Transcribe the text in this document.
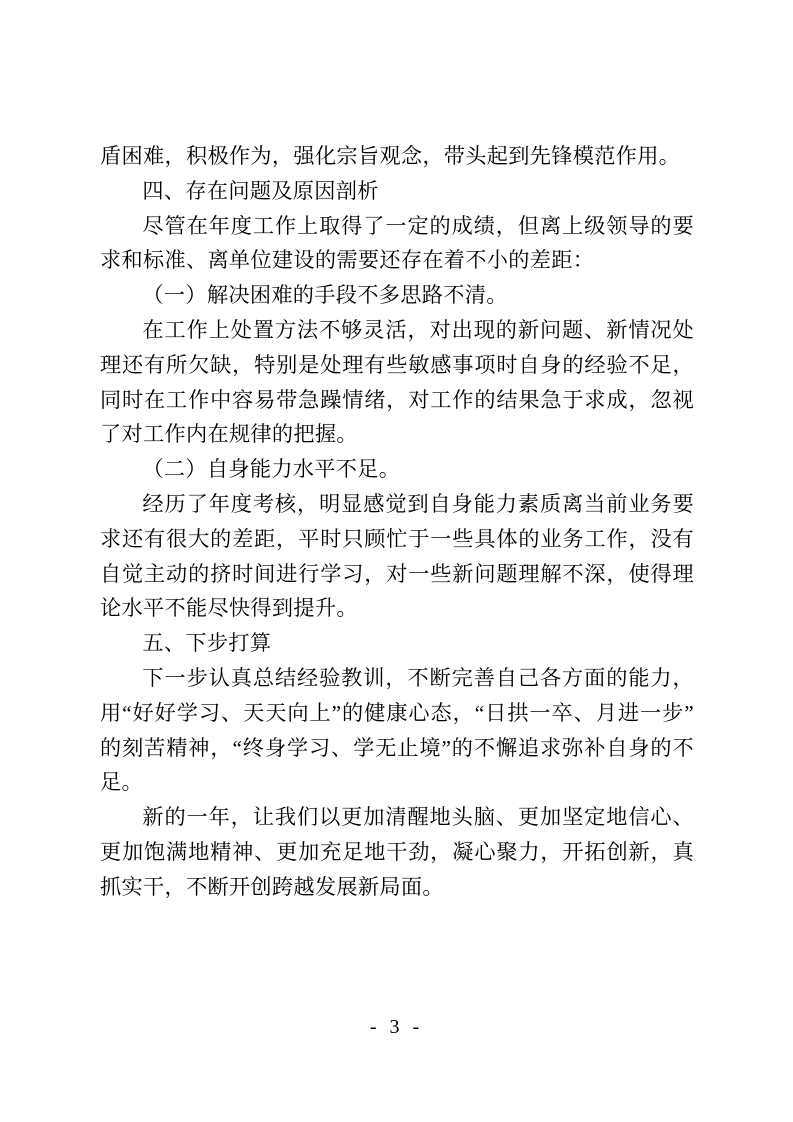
盾困难，积极作为，强化宗旨观念，带头起到先锋模范作用。

四、存在问题及原因剖析

尽管在年度工作上取得了一定的成绩，但离上级领导的要求和标准、离单位建设的需要还存在着不小的差距：

（一）解决困难的手段不多思路不清。

在工作上处置方法不够灵活，对出现的新问题、新情况处理还有所欠缺，特别是处理有些敏感事项时自身的经验不足，同时在工作中容易带急躁情绪，对工作的结果急于求成，忽视了对工作内在规律的把握。

（二）自身能力水平不足。

经历了年度考核，明显感觉到自身能力素质离当前业务要求还有很大的差距，平时只顾忙于一些具体的业务工作，没有自觉主动的挤时间进行学习，对一些新问题理解不深，使得理论水平不能尽快得到提升。

五、下步打算

下一步认真总结经验教训，不断完善自己各方面的能力，用“好好学习、天天向上”的健康心态，“日拱一卒、月进一步”的刻苦精神，“终身学习、学无止境”的不懈追求弥补自身的不足。

新的一年，让我们以更加清醒地头脑、更加坚定地信心、更加饱满地精神、更加充足地干劲，凝心聚力，开拓创新，真抓实干，不断开创跨越发展新局面。

- 3 -
